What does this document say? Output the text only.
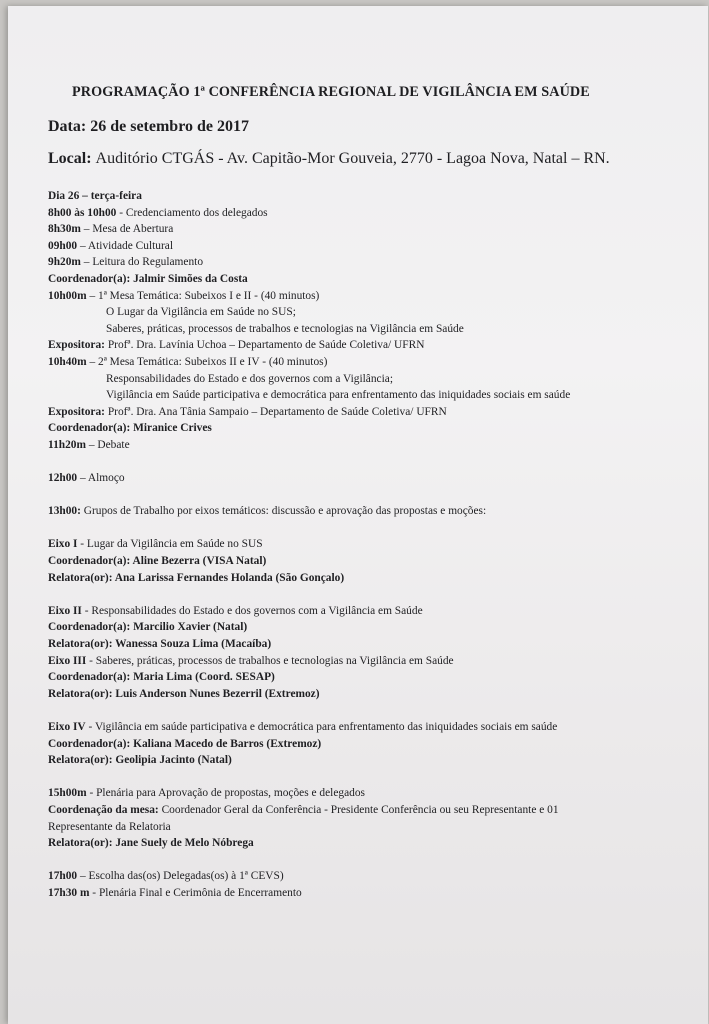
PROGRAMAÇÃO 1ª CONFERÊNCIA REGIONAL DE VIGILÂNCIA EM SAÚDE
Data: 26 de setembro de 2017
Local: Auditório CTGÁS - Av. Capitão-Mor Gouveia, 2770 - Lagoa Nova, Natal – RN.
Dia 26 – terça-feira
8h00 às 10h00 - Credenciamento dos delegados
8h30m – Mesa de Abertura
09h00 – Atividade Cultural
9h20m – Leitura do Regulamento
Coordenador(a): Jalmir Simões da Costa
10h00m – 1ª Mesa Temática: Subeixos I e II - (40 minutos)
O Lugar da Vigilância em Saúde no SUS;
Saberes, práticas, processos de trabalhos e tecnologias na Vigilância em Saúde
Expositora: Profª. Dra. Lavínia Uchoa – Departamento de Saúde Coletiva/ UFRN
10h40m – 2ª Mesa Temática: Subeixos II e IV - (40 minutos)
Responsabilidades do Estado e dos governos com a Vigilância;
Vigilância em Saúde participativa e democrática para enfrentamento das iniquidades sociais em saúde
Expositora: Profª. Dra. Ana Tânia Sampaio – Departamento de Saúde Coletiva/ UFRN
Coordenador(a): Miranice Crives
11h20m – Debate
12h00 – Almoço
13h00: Grupos de Trabalho por eixos temáticos: discussão e aprovação das propostas e moções:
Eixo I - Lugar da Vigilância em Saúde no SUS
Coordenador(a): Aline Bezerra (VISA Natal)
Relatora(or): Ana Larissa Fernandes Holanda (São Gonçalo)
Eixo II - Responsabilidades do Estado e dos governos com a Vigilância em Saúde
Coordenador(a): Marcilio Xavier (Natal)
Relatora(or): Wanessa Souza Lima (Macaíba)
Eixo III - Saberes, práticas, processos de trabalhos e tecnologias na Vigilância em Saúde
Coordenador(a): Maria Lima (Coord. SESAP)
Relatora(or): Luis Anderson Nunes Bezerril (Extremoz)
Eixo IV - Vigilância em saúde participativa e democrática para enfrentamento das iniquidades sociais em saúde
Coordenador(a): Kaliana Macedo de Barros (Extremoz)
Relatora(or): Geolipia Jacinto (Natal)
15h00m - Plenária para Aprovação de propostas, moções e delegados
Coordenação da mesa: Coordenador Geral da Conferência - Presidente Conferência ou seu Representante e 01
Representante da Relatoria
Relatora(or): Jane Suely de Melo Nóbrega
17h00 – Escolha das(os) Delegadas(os) à 1ª CEVS)
17h30 m - Plenária Final e Cerimônia de Encerramento
